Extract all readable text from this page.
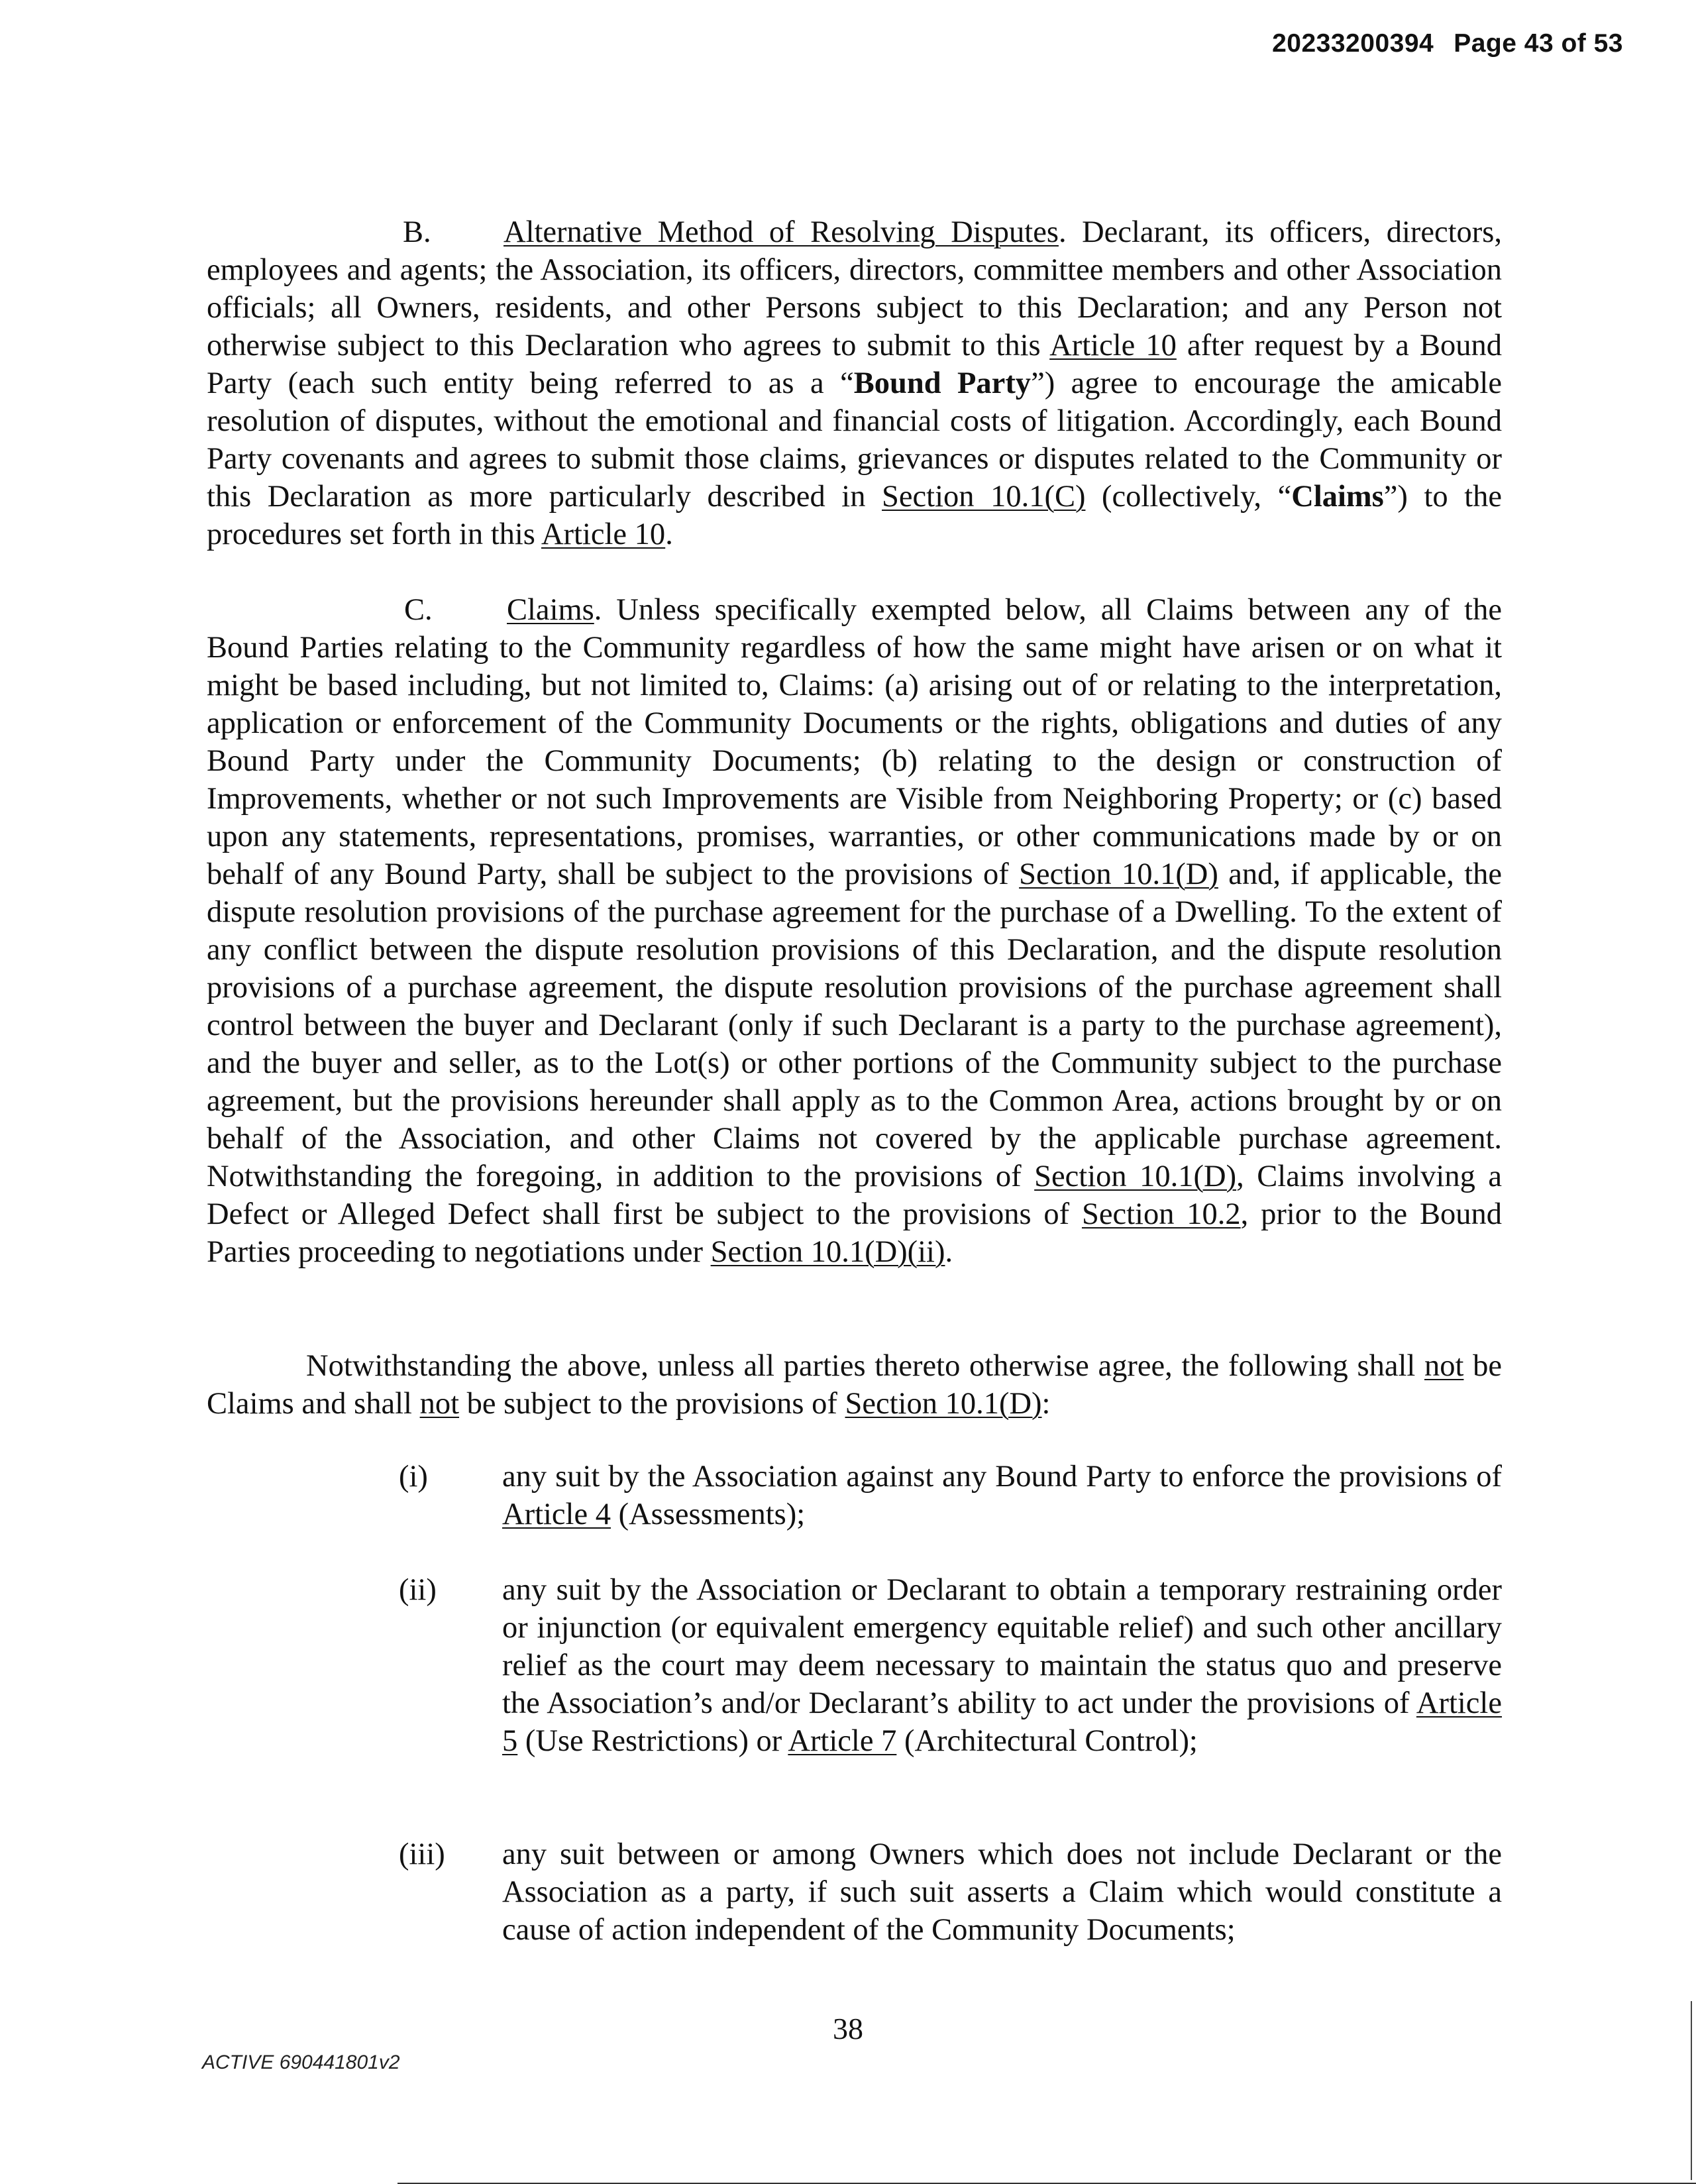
20233200394 Page 43 of 53

B. Alternative Method of Resolving Disputes. Declarant, its officers, directors, employees and agents; the Association, its officers, directors, committee members and other Association officials; all Owners, residents, and other Persons subject to this Declaration; and any Person not otherwise subject to this Declaration who agrees to submit to this Article 10 after request by a Bound Party (each such entity being referred to as a “Bound Party”) agree to encourage the amicable resolution of disputes, without the emotional and financial costs of litigation. Accordingly, each Bound Party covenants and agrees to submit those claims, grievances or disputes related to the Community or this Declaration as more particularly described in Section 10.1(C) (collectively, “Claims”) to the procedures set forth in this Article 10.

C. Claims. Unless specifically exempted below, all Claims between any of the Bound Parties relating to the Community regardless of how the same might have arisen or on what it might be based including, but not limited to, Claims: (a) arising out of or relating to the interpretation, application or enforcement of the Community Documents or the rights, obligations and duties of any Bound Party under the Community Documents; (b) relating to the design or construction of Improvements, whether or not such Improvements are Visible from Neighboring Property; or (c) based upon any statements, representations, promises, warranties, or other communications made by or on behalf of any Bound Party, shall be subject to the provisions of Section 10.1(D) and, if applicable, the dispute resolution provisions of the purchase agreement for the purchase of a Dwelling. To the extent of any conflict between the dispute resolution provisions of this Declaration, and the dispute resolution provisions of a purchase agreement, the dispute resolution provisions of the purchase agreement shall control between the buyer and Declarant (only if such Declarant is a party to the purchase agreement), and the buyer and seller, as to the Lot(s) or other portions of the Community subject to the purchase agreement, but the provisions hereunder shall apply as to the Common Area, actions brought by or on behalf of the Association, and other Claims not covered by the applicable purchase agreement. Notwithstanding the foregoing, in addition to the provisions of Section 10.1(D), Claims involving a Defect or Alleged Defect shall first be subject to the provisions of Section 10.2, prior to the Bound Parties proceeding to negotiations under Section 10.1(D)(ii).

Notwithstanding the above, unless all parties thereto otherwise agree, the following shall not be Claims and shall not be subject to the provisions of Section 10.1(D):

(i) any suit by the Association against any Bound Party to enforce the provisions of Article 4 (Assessments);

(ii) any suit by the Association or Declarant to obtain a temporary restraining order or injunction (or equivalent emergency equitable relief) and such other ancillary relief as the court may deem necessary to maintain the status quo and preserve the Association’s and/or Declarant’s ability to act under the provisions of Article 5 (Use Restrictions) or Article 7 (Architectural Control);

(iii) any suit between or among Owners which does not include Declarant or the Association as a party, if such suit asserts a Claim which would constitute a cause of action independent of the Community Documents;

38
ACTIVE 690441801v2
